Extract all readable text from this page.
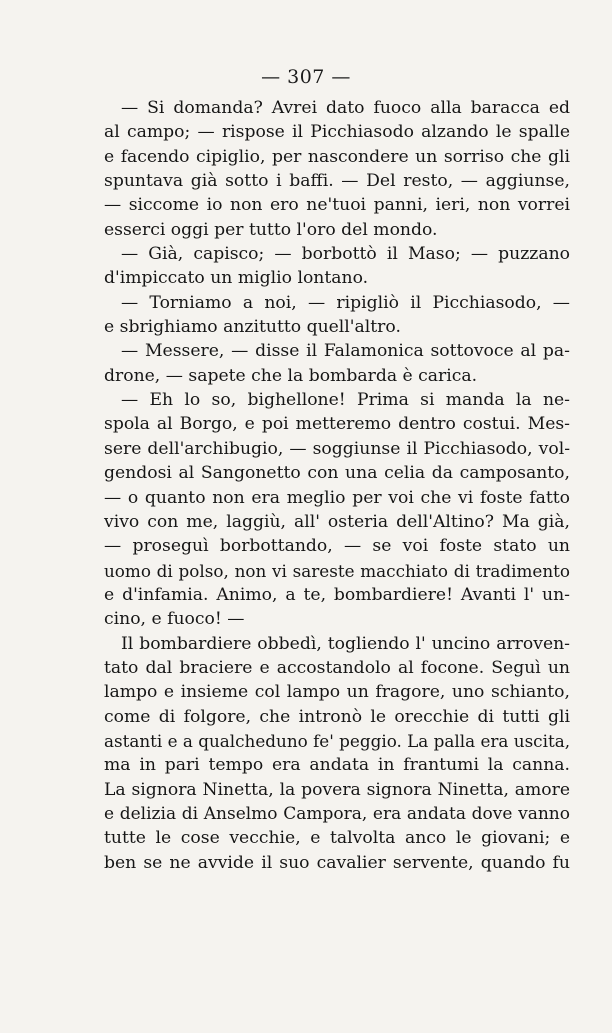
— 307 —
— Si domanda? Avrei dato fuoco alla baracca ed
al campo; — rispose il Picchiasodo alzando le spalle
e facendo cipiglio, per nascondere un sorriso che gli
spuntava già sotto i baffi. — Del resto, — aggiunse,
— siccome io non ero ne'tuoi panni, ieri, non vorrei
esserci oggi per tutto l'oro del mondo.
— Già, capisco; — borbottò il Maso; — puzzano
d'impiccato un miglio lontano.
— Torniamo a noi, — ripigliò il Picchiasodo, —
e sbrighiamo anzitutto quell'altro.
— Messere, — disse il Falamonica sottovoce al pa-
drone, — sapete che la bombarda è carica.
— Eh lo so, bighellone! Prima si manda la ne-
spola al Borgo, e poi metteremo dentro costui. Mes-
sere dell'archibugio, — soggiunse il Picchiasodo, vol-
gendosi al Sangonetto con una celia da camposanto,
— o quanto non era meglio per voi che vi foste fatto
vivo con me, laggiù, all' osteria dell'Altino? Ma già,
— proseguì borbottando, — se voi foste stato un
uomo di polso, non vi sareste macchiato di tradimento
e d'infamia. Animo, a te, bombardiere! Avanti l' un-
cino, e fuoco! —
Il bombardiere obbedì, togliendo l' uncino arroven-
tato dal braciere e accostandolo al focone. Seguì un
lampo e insieme col lampo un fragore, uno schianto,
come di folgore, che intronò le orecchie di tutti gli
astanti e a qualcheduno fe' peggio. La palla era uscita,
ma in pari tempo era andata in frantumi la canna.
La signora Ninetta, la povera signora Ninetta, amore
e delizia di Anselmo Campora, era andata dove vanno
tutte le cose vecchie, e talvolta anco le giovani; e
ben se ne avvide il suo cavalier servente, quando fu
